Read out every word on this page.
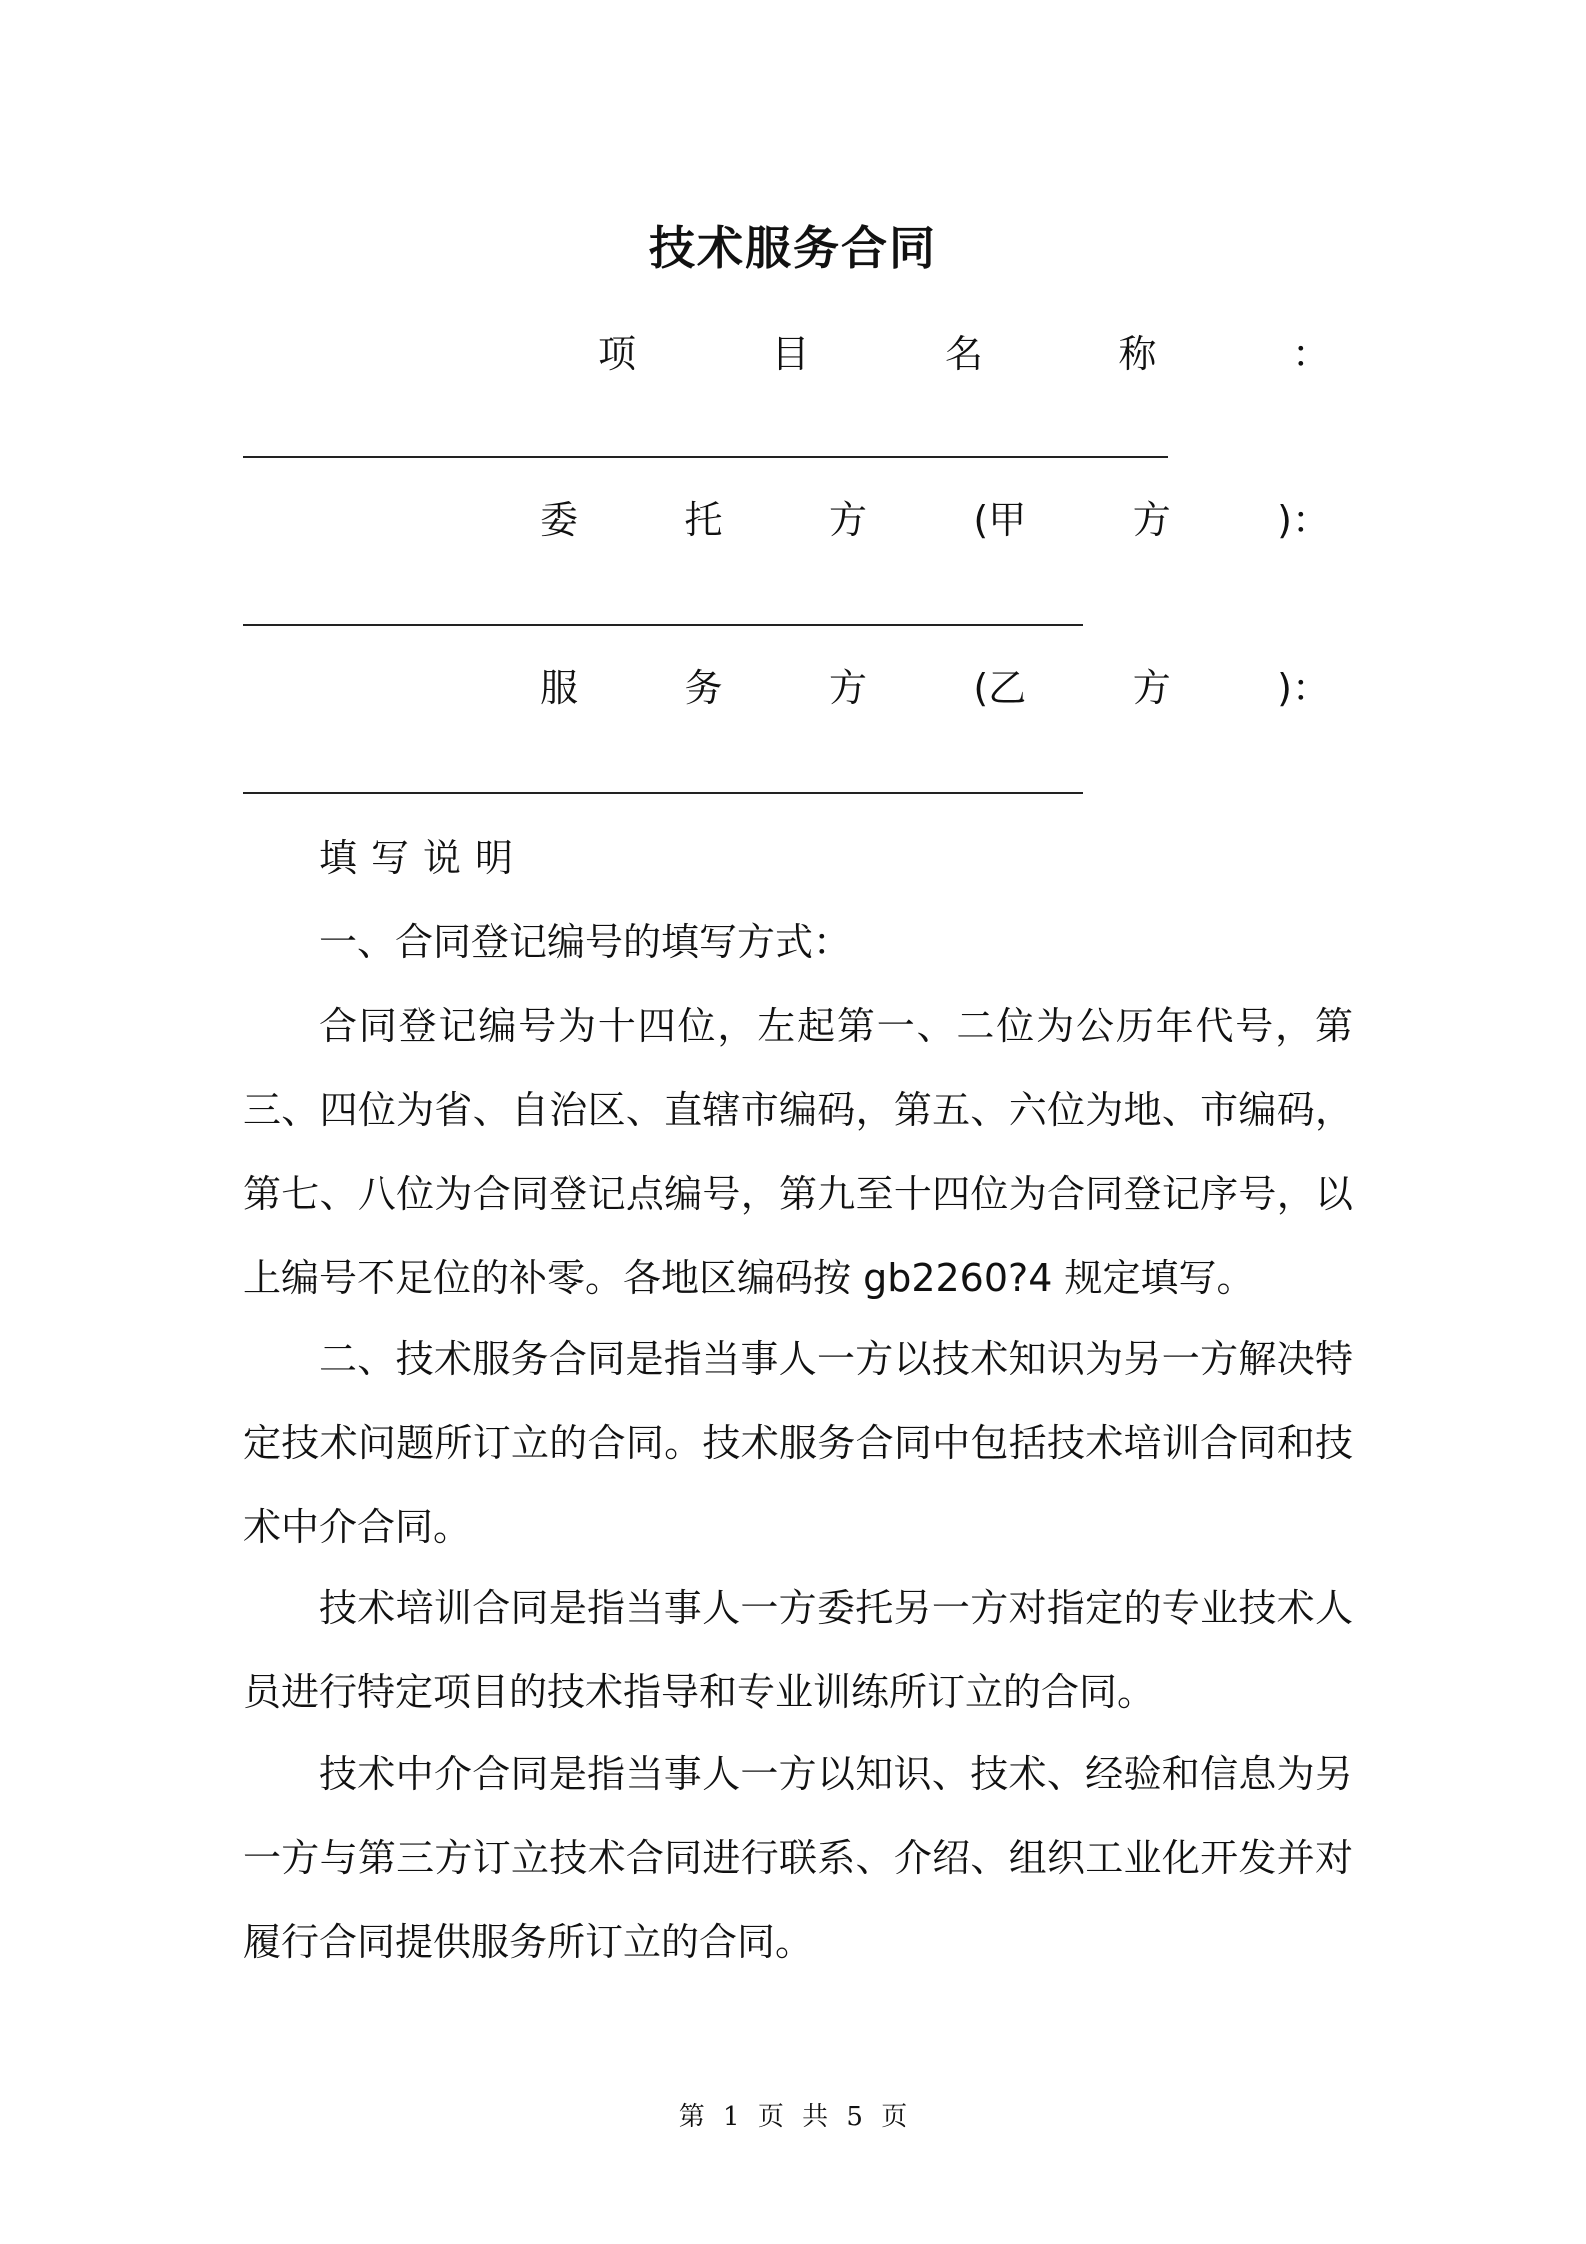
技术服务合同
项	目	名	称	：
委	托	方	(甲	方	)：
服	务	方	(乙	方	)：

填写说明

一、合同登记编号的填写方式：

合同登记编号为十四位，左起第一、二位为公历年代号，第三、四位为省、自治区、直辖市编码，第五、六位为地、市编码，第七、八位为合同登记点编号，第九至十四位为合同登记序号，以上编号不足位的补零。各地区编码按 gb2260?4 规定填写。

二、技术服务合同是指当事人一方以技术知识为另一方解决特定技术问题所订立的合同。技术服务合同中包括技术培训合同和技术中介合同。

技术培训合同是指当事人一方委托另一方对指定的专业技术人员进行特定项目的技术指导和专业训练所订立的合同。

技术中介合同是指当事人一方以知识、技术、经验和信息为另一方与第三方订立技术合同进行联系、介绍、组织工业化开发并对履行合同提供服务所订立的合同。

第 1 页 共 5 页
